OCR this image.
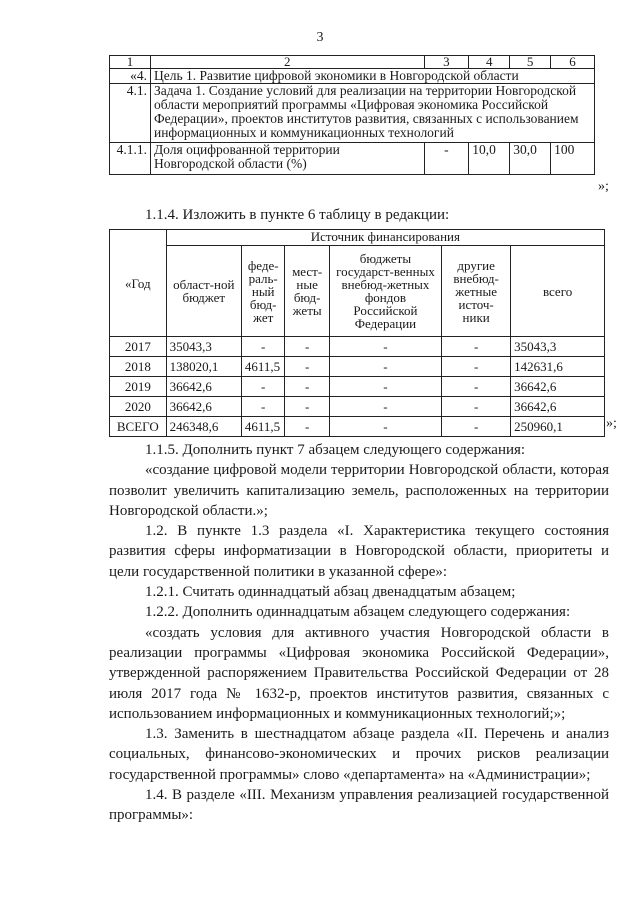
3
1	2	3	4	5	6
«4.	Цель 1. Развитие цифровой экономики в Новгородской области				
4.1.	Задача 1. Создание условий для реализации на территории Новгородской области мероприятий программы «Цифровая экономика Российской Федерации», проектов институтов развития, связанных с использованием информационных и коммуникационных технологий				
4.1.1.	Доля оцифрованной территории Новгородской области (%)	-	10,0	30,0	100
»;
1.1.4. Изложить в пункте 6 таблицу в редакции:
«Год	Источник финансирования					
	област-ной бюджет	феде-раль-ный бюд-жет	мест-ные бюд-жеты	бюджеты государст-венных внебюд-жетных фондов Российской Федерации	другие внебюд-жетные источ-ники	всего
2017	35043,3	-	-	-	-	35043,3
2018	138020,1	4611,5	-	-	-	142631,6
2019	36642,6	-	-	-	-	36642,6
2020	36642,6	-	-	-	-	36642,6
ВСЕГО	246348,6	4611,5	-	-	-	250960,1	»;

1.1.5. Дополнить пункт 7 абзацем следующего содержания:

«создание цифровой модели территории Новгородской области, которая позволит увеличить капитализацию земель, расположенных на территории Новгородской области.»;

1.2. В пункте 1.3 раздела «I. Характеристика текущего состояния развития сферы информатизации в Новгородской области, приоритеты и цели государственной политики в указанной сфере»:

1.2.1. Считать одиннадцатый абзац двенадцатым абзацем;

1.2.2. Дополнить одиннадцатым абзацем следующего содержания:

«создать условия для активного участия Новгородской области в реализации программы «Цифровая экономика Российской Федерации», утвержденной распоряжением Правительства Российской Федерации от 28 июля 2017 года № 1632-р, проектов институтов развития, связанных с использованием информационных и коммуникационных технологий;»;

1.3. Заменить в шестнадцатом абзаце раздела «II. Перечень и анализ социальных, финансово-экономических и прочих рисков реализации государственной программы» слово «департамента» на «Администрации»;

1.4. В разделе «III. Механизм управления реализацией государственной программы»:
